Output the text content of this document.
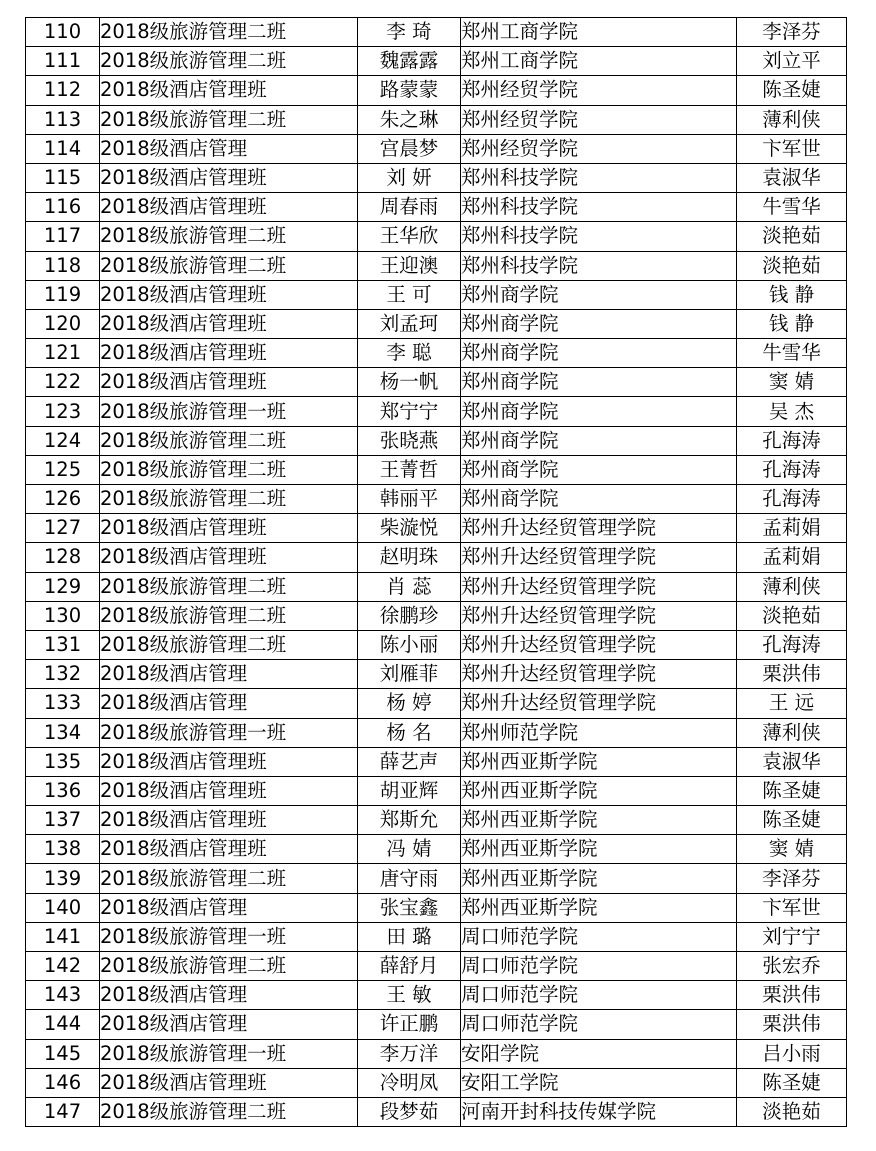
110	2018级旅游管理二班	李 琦	郑州工商学院	李泽芬
111	2018级旅游管理二班	魏露露	郑州工商学院	刘立平
112	2018级酒店管理班	路蒙蒙	郑州经贸学院	陈圣婕
113	2018级旅游管理二班	朱之琳	郑州经贸学院	薄利侠
114	2018级酒店管理	宫晨梦	郑州经贸学院	卞军世
115	2018级酒店管理班	刘 妍	郑州科技学院	袁淑华
116	2018级酒店管理班	周春雨	郑州科技学院	牛雪华
117	2018级旅游管理二班	王华欣	郑州科技学院	淡艳茹
118	2018级旅游管理二班	王迎澳	郑州科技学院	淡艳茹
119	2018级酒店管理班	王 可	郑州商学院	钱 静
120	2018级酒店管理班	刘孟珂	郑州商学院	钱 静
121	2018级酒店管理班	李 聪	郑州商学院	牛雪华
122	2018级酒店管理班	杨一帆	郑州商学院	窦 婧
123	2018级旅游管理一班	郑宁宁	郑州商学院	吴 杰
124	2018级旅游管理二班	张晓燕	郑州商学院	孔海涛
125	2018级旅游管理二班	王菁哲	郑州商学院	孔海涛
126	2018级旅游管理二班	韩丽平	郑州商学院	孔海涛
127	2018级酒店管理班	柴漩悦	郑州升达经贸管理学院	孟莉娟
128	2018级酒店管理班	赵明珠	郑州升达经贸管理学院	孟莉娟
129	2018级旅游管理二班	肖 蕊	郑州升达经贸管理学院	薄利侠
130	2018级旅游管理二班	徐鹏珍	郑州升达经贸管理学院	淡艳茹
131	2018级旅游管理二班	陈小丽	郑州升达经贸管理学院	孔海涛
132	2018级酒店管理	刘雁菲	郑州升达经贸管理学院	栗洪伟
133	2018级酒店管理	杨 婷	郑州升达经贸管理学院	王 远
134	2018级旅游管理一班	杨 名	郑州师范学院	薄利侠
135	2018级酒店管理班	薛艺声	郑州西亚斯学院	袁淑华
136	2018级酒店管理班	胡亚辉	郑州西亚斯学院	陈圣婕
137	2018级酒店管理班	郑斯允	郑州西亚斯学院	陈圣婕
138	2018级酒店管理班	冯 婧	郑州西亚斯学院	窦 婧
139	2018级旅游管理二班	唐守雨	郑州西亚斯学院	李泽芬
140	2018级酒店管理	张宝鑫	郑州西亚斯学院	卞军世
141	2018级旅游管理一班	田 璐	周口师范学院	刘宁宁
142	2018级旅游管理二班	薛舒月	周口师范学院	张宏乔
143	2018级酒店管理	王 敏	周口师范学院	栗洪伟
144	2018级酒店管理	许正鹏	周口师范学院	栗洪伟
145	2018级旅游管理一班	李万洋	安阳学院	吕小雨
146	2018级酒店管理班	冷明凤	安阳工学院	陈圣婕
147	2018级旅游管理二班	段梦茹	河南开封科技传媒学院	淡艳茹
